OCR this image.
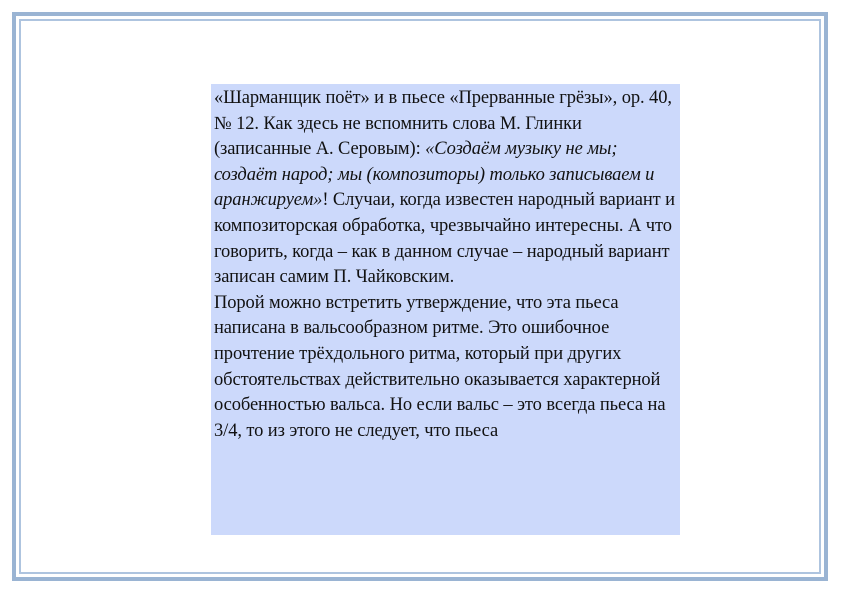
«Шарманщик поёт» и в пьесе «Прерванные грёзы», ор. 40, № 12. Как здесь не вспомнить слова М. Глинки (записанные А. Серовым): «Создаём музыку не мы; создаёт народ; мы (композиторы) только записываем и аранжируем»! Случаи, когда известен народный вариант и композиторская обработка, чрезвычайно интересны. А что говорить, когда – как в данном случае – народный вариант записан самим П. Чайковским.

Порой можно встретить утверждение, что эта пьеса написана в вальсообразном ритме. Это ошибочное прочтение трёхдольного ритма, который при других обстоятельствах действительно оказывается характерной особенностью вальса. Но если вальс – это всегда пьеса на 3/4, то из этого не следует, что пьеса
